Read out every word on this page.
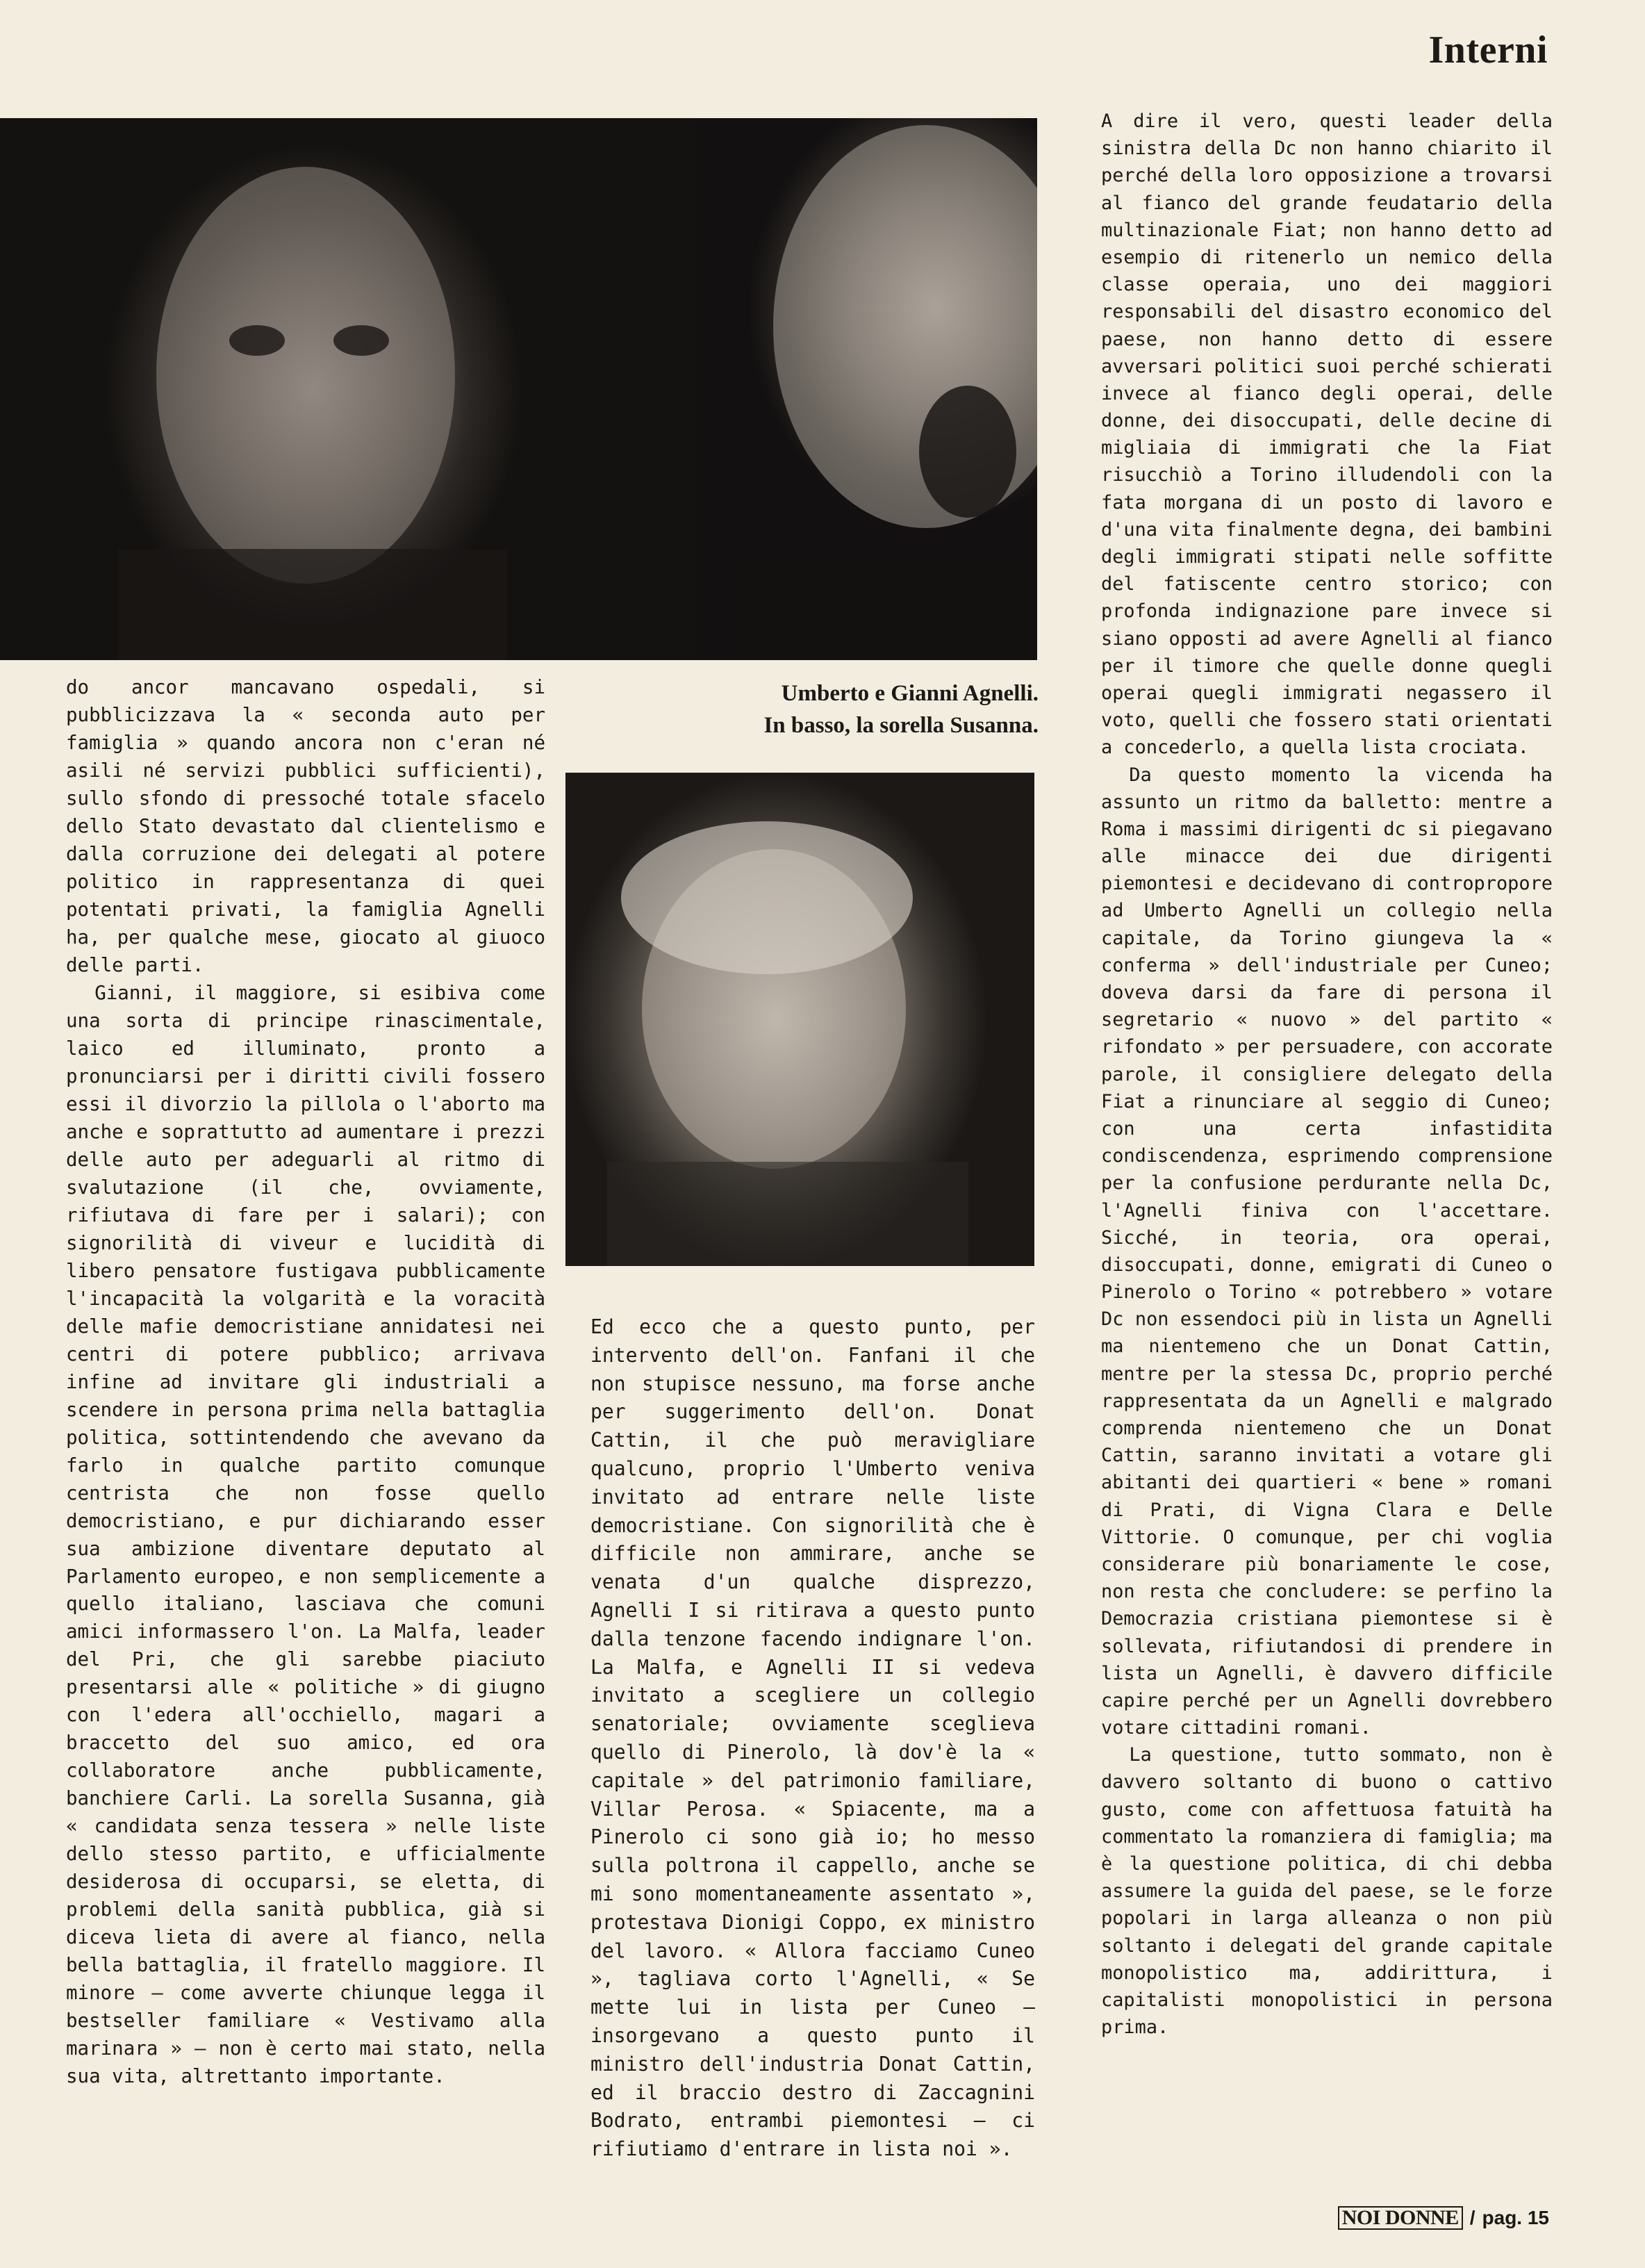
Interni
Umberto e Gianni Agnelli.
In basso, la sorella Susanna.

do ancor mancavano ospedali, si pubblicizzava la « seconda auto per famiglia » quando ancora non c'eran né asili né servizi pubblici sufficienti), sullo sfondo di pressoché totale sfacelo dello Stato devastato dal clientelismo e dalla corruzione dei delegati al potere politico in rappresentanza di quei potentati privati, la famiglia Agnelli ha, per qualche mese, giocato al giuoco delle parti.

Gianni, il maggiore, si esibiva come una sorta di principe rinascimentale, laico ed illuminato, pronto a pronunciarsi per i diritti civili fossero essi il divorzio la pillola o l'aborto ma anche e soprattutto ad aumentare i prezzi delle auto per adeguarli al ritmo di svalutazione (il che, ovviamente, rifiutava di fare per i salari); con signorilità di viveur e lucidità di libero pensatore fustigava pubblicamente l'incapacità la volgarità e la voracità delle mafie democristiane annidatesi nei centri di potere pubblico; arrivava infine ad invitare gli industriali a scendere in persona prima nella battaglia politica, sottintendendo che avevano da farlo in qualche partito comunque centrista che non fosse quello democristiano, e pur dichiarando esser sua ambizione diventare deputato al Parlamento europeo, e non semplicemente a quello italiano, lasciava che comuni amici informassero l'on. La Malfa, leader del Pri, che gli sarebbe piaciuto presentarsi alle « politiche » di giugno con l'edera all'occhiello, magari a braccetto del suo amico, ed ora collaboratore anche pubblicamente, banchiere Carli. La sorella Susanna, già « candidata senza tessera » nelle liste dello stesso partito, e ufficialmente desiderosa di occuparsi, se eletta, di problemi della sanità pubblica, già si diceva lieta di avere al fianco, nella bella battaglia, il fratello maggiore. Il minore — come avverte chiunque legga il bestseller familiare « Vestivamo alla marinara » — non è certo mai stato, nella sua vita, altrettanto importante.

Ed ecco che a questo punto, per intervento dell'on. Fanfani il che non stupisce nessuno, ma forse anche per suggerimento dell'on. Donat Cattin, il che può meravigliare qualcuno, proprio l'Umberto veniva invitato ad entrare nelle liste democristiane. Con signorilità che è difficile non ammirare, anche se venata d'un qualche disprezzo, Agnelli I si ritirava a questo punto dalla tenzone facendo indignare l'on. La Malfa, e Agnelli II si vedeva invitato a scegliere un collegio senatoriale; ovviamente sceglieva quello di Pinerolo, là dov'è la « capitale » del patrimonio familiare, Villar Perosa. « Spiacente, ma a Pinerolo ci sono già io; ho messo sulla poltrona il cappello, anche se mi sono momentaneamente assentato », protestava Dionigi Coppo, ex ministro del lavoro. « Allora facciamo Cuneo », tagliava corto l'Agnelli, « Se mette lui in lista per Cuneo — insorgevano a questo punto il ministro dell'industria Donat Cattin, ed il braccio destro di Zaccagnini Bodrato, entrambi piemontesi — ci rifiutiamo d'entrare in lista noi ».

A dire il vero, questi leader della sinistra della Dc non hanno chiarito il perché della loro opposizione a trovarsi al fianco del grande feudatario della multinazionale Fiat; non hanno detto ad esempio di ritenerlo un nemico della classe operaia, uno dei maggiori responsabili del disastro economico del paese, non hanno detto di essere avversari politici suoi perché schierati invece al fianco degli operai, delle donne, dei disoccupati, delle decine di migliaia di immigrati che la Fiat risucchiò a Torino illudendoli con la fata morgana di un posto di lavoro e d'una vita finalmente degna, dei bambini degli immigrati stipati nelle soffitte del fatiscente centro storico; con profonda indignazione pare invece si siano opposti ad avere Agnelli al fianco per il timore che quelle donne quegli operai quegli immigrati negassero il voto, quelli che fossero stati orientati a concederlo, a quella lista crociata.

Da questo momento la vicenda ha assunto un ritmo da balletto: mentre a Roma i massimi dirigenti dc si piegavano alle minacce dei due dirigenti piemontesi e decidevano di contropropore ad Umberto Agnelli un collegio nella capitale, da Torino giungeva la « conferma » dell'industriale per Cuneo; doveva darsi da fare di persona il segretario « nuovo » del partito « rifondato » per persuadere, con accorate parole, il consigliere delegato della Fiat a rinunciare al seggio di Cuneo; con una certa infastidita condiscendenza, esprimendo comprensione per la confusione perdurante nella Dc, l'Agnelli finiva con l'accettare. Sicché, in teoria, ora operai, disoccupati, donne, emigrati di Cuneo o Pinerolo o Torino « potrebbero » votare Dc non essendoci più in lista un Agnelli ma nientemeno che un Donat Cattin, mentre per la stessa Dc, proprio perché rappresentata da un Agnelli e malgrado comprenda nientemeno che un Donat Cattin, saranno invitati a votare gli abitanti dei quartieri « bene » romani di Prati, di Vigna Clara e Delle Vittorie. O comunque, per chi voglia considerare più bonariamente le cose, non resta che concludere: se perfino la Democrazia cristiana piemontese si è sollevata, rifiutandosi di prendere in lista un Agnelli, è davvero difficile capire perché per un Agnelli dovrebbero votare cittadini romani.

La questione, tutto sommato, non è davvero soltanto di buono o cattivo gusto, come con affettuosa fatuità ha commentato la romanziera di famiglia; ma è la questione politica, di chi debba assumere la guida del paese, se le forze popolari in larga alleanza o non più soltanto i delegati del grande capitale monopolistico ma, addirittura, i capitalisti monopolistici in persona prima.

NOI DONNE / pag. 15
